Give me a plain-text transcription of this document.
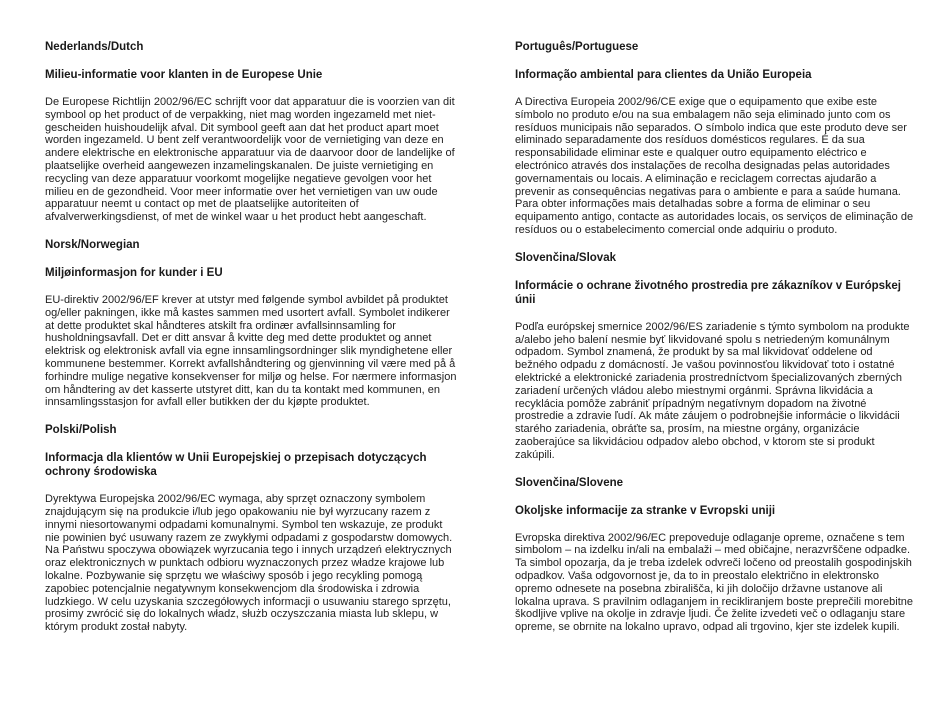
Nederlands/Dutch
Milieu-informatie voor klanten in de Europese Unie
De Europese Richtlijn 2002/96/EC schrijft voor dat apparatuur die is voorzien van dit symbool op het product of de verpakking, niet mag worden ingezameld met niet-gescheiden huishoudelijk afval. Dit symbool geeft aan dat het product apart moet worden ingezameld. U bent zelf verantwoordelijk voor de vernietiging van deze en andere elektrische en elektronische apparatuur via de daarvoor door de landelijke of plaatselijke overheid aangewezen inzamelingskanalen. De juiste vernietiging en recycling van deze apparatuur voorkomt mogelijke negatieve gevolgen voor het milieu en de gezondheid. Voor meer informatie over het vernietigen van uw oude apparatuur neemt u contact op met de plaatselijke autoriteiten of afvalverwerkingsdienst, of met de winkel waar u het product hebt aangeschaft.
Norsk/Norwegian
Miljøinformasjon for kunder i EU
EU-direktiv 2002/96/EF krever at utstyr med følgende symbol avbildet på produktet og/eller pakningen, ikke må kastes sammen med usortert avfall. Symbolet indikerer at dette produktet skal håndteres atskilt fra ordinær avfallsinnsamling for husholdningsavfall. Det er ditt ansvar å kvitte deg med dette produktet og annet elektrisk og elektronisk avfall via egne innsamlingsordninger slik myndighetene eller kommunene bestemmer. Korrekt avfallshåndtering og gjenvinning vil være med på å forhindre mulige negative konsekvenser for miljø og helse. For nærmere informasjon om håndtering av det kasserte utstyret ditt, kan du ta kontakt med kommunen, en innsamlingsstasjon for avfall eller butikken der du kjøpte produktet.
Polski/Polish
Informacja dla klientów w Unii Europejskiej o przepisach dotyczących ochrony środowiska
Dyrektywa Europejska 2002/96/EC wymaga, aby sprzęt oznaczony symbolem znajdującym się na produkcie i/lub jego opakowaniu nie był wyrzucany razem z innymi niesortowanymi odpadami komunalnymi. Symbol ten wskazuje, ze produkt nie powinien być usuwany razem ze zwykłymi odpadami z gospodarstw domowych. Na Państwu spoczywa obowiązek wyrzucania tego i innych urządzeń elektrycznych oraz elektronicznych w punktach odbioru wyznaczonych przez władze krajowe lub lokalne. Pozbywanie się sprzętu we właściwy sposób i jego recykling pomogą zapobiec potencjalnie negatywnym konsekwencjom dla środowiska i zdrowia ludzkiego. W celu uzyskania szczegółowych informacji o usuwaniu starego sprzętu, prosimy zwrócić się do lokalnych władz, służb oczyszczania miasta lub sklepu, w którym produkt został nabyty.
Português/Portuguese
Informação ambiental para clientes da União Europeia
A Directiva Europeia 2002/96/CE exige que o equipamento que exibe este símbolo no produto e/ou na sua embalagem não seja eliminado junto com os resíduos municipais não separados. O símbolo indica que este produto deve ser eliminado separadamente dos resíduos domésticos regulares. É da sua responsabilidade eliminar este e qualquer outro equipamento eléctrico e electrónico através dos instalações de recolha designadas pelas autoridades governamentais ou locais. A eliminação e reciclagem correctas ajudarão a prevenir as consequências negativas para o ambiente e para a saúde humana. Para obter informações mais detalhadas sobre a forma de eliminar o seu equipamento antigo, contacte as autoridades locais, os serviços de eliminação de resíduos ou o estabelecimento comercial onde adquiriu o produto.
Slovenčina/Slovak
Informácie o ochrane životného prostredia pre zákazníkov v Európskej únii
Podľa európskej smernice 2002/96/ES zariadenie s týmto symbolom na produkte a/alebo jeho balení nesmie byť likvidované spolu s netriedeným komunálnym odpadom. Symbol znamená, že produkt by sa mal likvidovať oddelene od bežného odpadu z domácností. Je vašou povinnosťou likvidovať toto i ostatné elektrické a elektronické zariadenia prostredníctvom špecializovaných zberných zariadení určených vládou alebo miestnymi orgánmi. Správna likvidácia a recyklácia pomôže zabrániť prípadným negatívnym dopadom na životné prostredie a zdravie ľudí. Ak máte záujem o podrobnejšie informácie o likvidácii starého zariadenia, obráťte sa, prosím, na miestne orgány, organizácie zaoberajúce sa likvidáciou odpadov alebo obchod, v ktorom ste si produkt zakúpili.
Slovenčina/Slovene
Okoljske informacije za stranke v Evropski uniji
Evropska direktiva 2002/96/EC prepoveduje odlaganje opreme, označene s tem simbolom – na izdelku in/ali na embalaži – med običajne, nerazvrščene odpadke. Ta simbol opozarja, da je treba izdelek odvreči ločeno od preostalih gospodinjskih odpadkov. Vaša odgovornost je, da to in preostalo električno in elektronsko opremo odnesete na posebna zbirališča, ki jih določijo državne ustanove ali lokalna uprava. S pravilnim odlaganjem in recikliranjem boste preprečili morebitne škodljive vplive na okolje in zdravje ljudi. Če želite izvedeti več o odlaganju stare opreme, se obrnite na lokalno upravo, odpad ali trgovino, kjer ste izdelek kupili.
